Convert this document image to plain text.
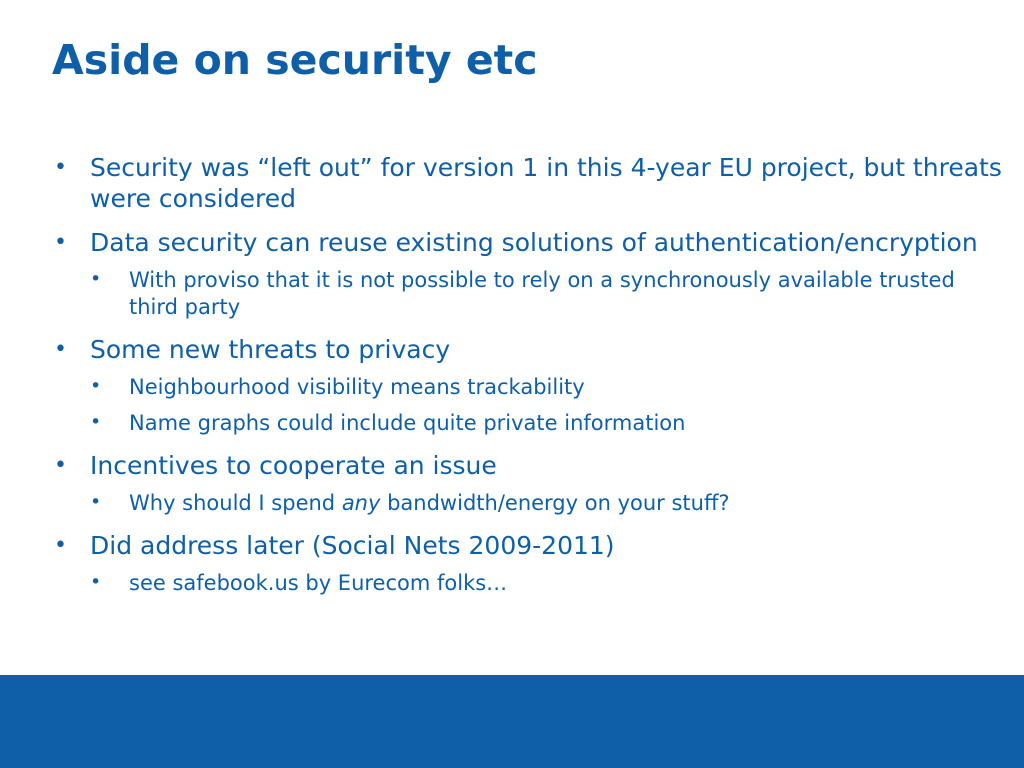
Aside on security etc
• Security was “left out” for version 1 in this 4-year EU project, but threats were considered
• Data security can reuse existing solutions of authentication/encryption
• With proviso that it is not possible to rely on a synchronously available trusted third party
• Some new threats to privacy
• Neighbourhood visibility means trackability
• Name graphs could include quite private information
• Incentives to cooperate an issue
• Why should I spend any bandwidth/energy on your stuff?
• Did address later (Social Nets 2009-2011)
• see safebook.us by Eurecom folks…
